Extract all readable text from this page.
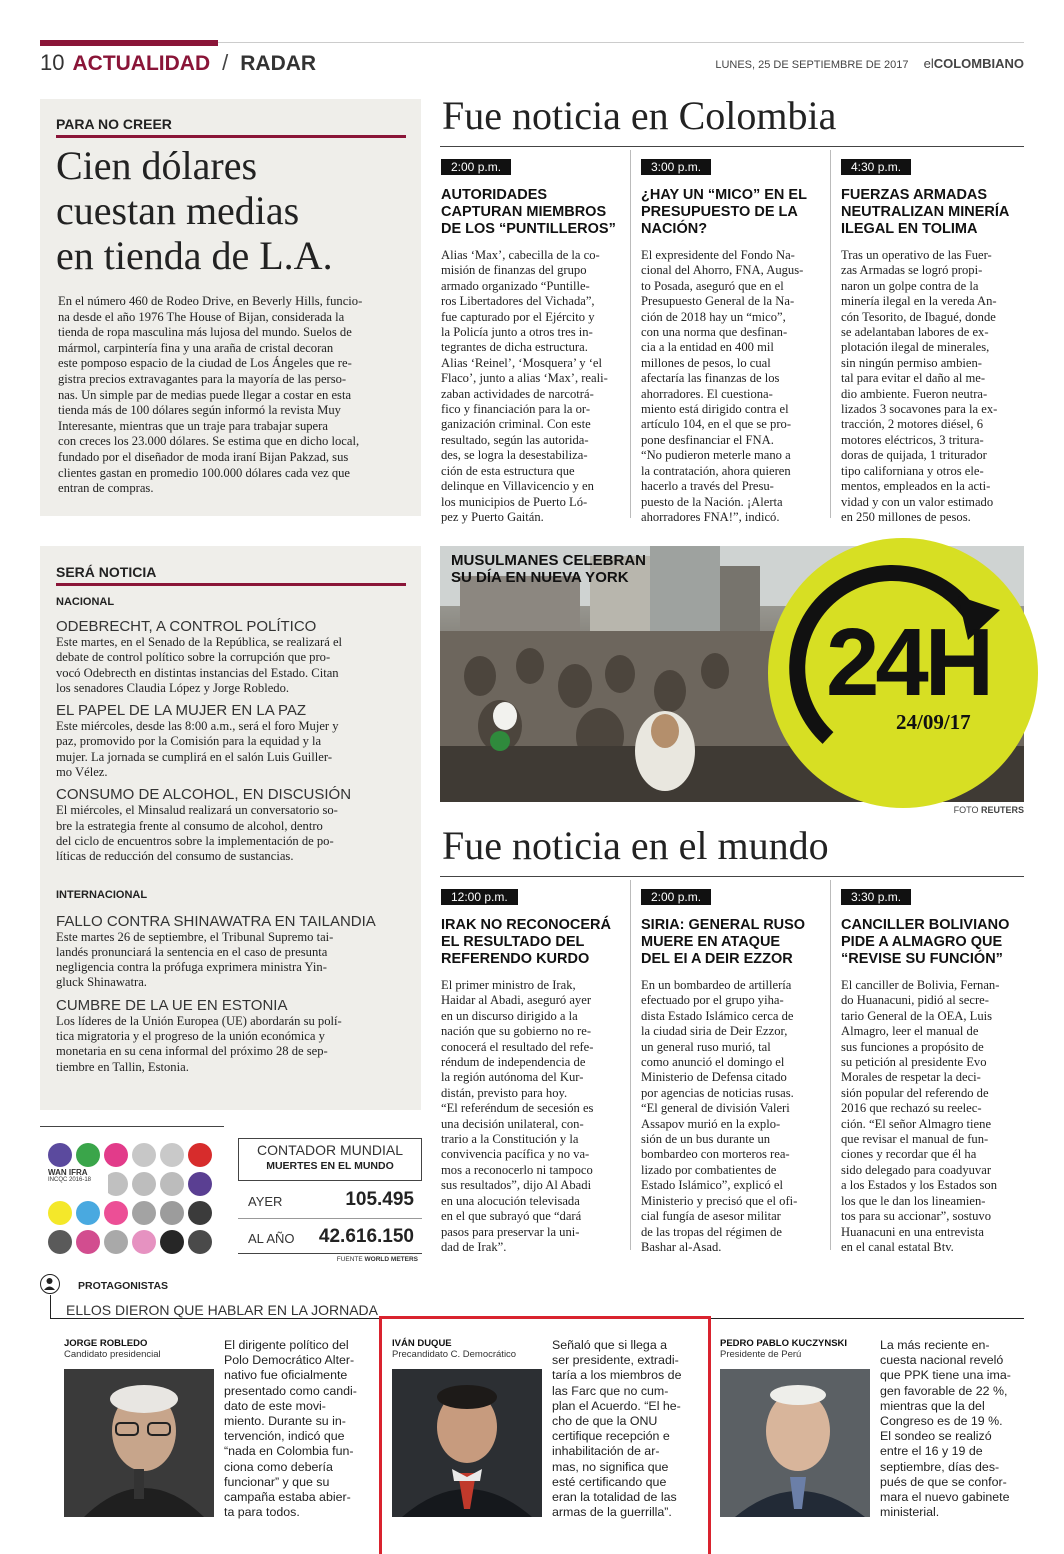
10 ACTUALIDAD / RADAR	LUNES, 25 DE SEPTIEMBRE DE 2017 elCOLOMBIANO
PARA NO CREER
Cien dólares
cuestan medias
en tienda de L.A.
En el número 460 de Rodeo Drive, en Beverly Hills, funcio-
na desde el año 1976 The House of Bijan, considerada la
tienda de ropa masculina más lujosa del mundo. Suelos de
mármol, carpintería fina y una araña de cristal decoran
este pomposo espacio de la ciudad de Los Ángeles que re-
gistra precios extravagantes para la mayoría de las perso-
nas. Un simple par de medias puede llegar a costar en esta
tienda más de 100 dólares según informó la revista Muy
Interesante, mientras que un traje para trabajar supera
con creces los 23.000 dólares. Se estima que en dicho local,
fundado por el diseñador de moda iraní Bijan Pakzad, sus
clientes gastan en promedio 100.000 dólares cada vez que
entran de compras.
Fue noticia en Colombia
2:00 p.m.
AUTORIDADES
CAPTURAN MIEMBROS
DE LOS “PUNTILLEROS”
Alias ‘Max’, cabecilla de la co-
misión de finanzas del grupo
armado organizado “Puntille-
ros Libertadores del Vichada”,
fue capturado por el Ejército y
la Policía junto a otros tres in-
tegrantes de dicha estructura.
Alias ‘Reinel’, ‘Mosquera’ y ‘el
Flaco’, junto a alias ‘Max’, reali-
zaban actividades de narcotrá-
fico y financiación para la or-
ganización criminal. Con este
resultado, según las autorida-
des, se logra la desestabiliza-
ción de esta estructura que
delinque en Villavicencio y en
los municipios de Puerto Ló-
pez y Puerto Gaitán.
3:00 p.m.
¿HAY UN “MICO” EN EL
PRESUPUESTO DE LA
NACIÓN?
El expresidente del Fondo Na-
cional del Ahorro, FNA, Augus-
to Posada, aseguró que en el
Presupuesto General de la Na-
ción de 2018 hay un “mico”,
con una norma que desfinan-
cia a la entidad en 400 mil
millones de pesos, lo cual
afectaría las finanzas de los
ahorradores. El cuestiona-
miento está dirigido contra el
artículo 104, en el que se pro-
pone desfinanciar el FNA.
“No pudieron meterle mano a
la contratación, ahora quieren
hacerlo a través del Presu-
puesto de la Nación. ¡Alerta
ahorradores FNA!”, indicó.
4:30 p.m.
FUERZAS ARMADAS
NEUTRALIZAN MINERÍA
ILEGAL EN TOLIMA
Tras un operativo de las Fuer-
zas Armadas se logró propi-
naron un golpe contra de la
minería ilegal en la vereda An-
cón Tesorito, de Ibagué, donde
se adelantaban labores de ex-
plotación ilegal de minerales,
sin ningún permiso ambien-
tal para evitar el daño al me-
dio ambiente. Fueron neutra-
lizados 3 socavones para la ex-
tracción, 2 motores diésel, 6
motores eléctricos, 3 tritura-
doras de quijada, 1 triturador
tipo californiana y otros ele-
mentos, empleados en la acti-
vidad y con un valor estimado
en 250 millones de pesos.
SERÁ NOTICIA
NACIONAL
ODEBRECHT, A CONTROL POLÍTICO
Este martes, en el Senado de la República, se realizará el
debate de control político sobre la corrupción que pro-
vocó Odebrecth en distintas instancias del Estado. Citan
los senadores Claudia López y Jorge Robledo.
EL PAPEL DE LA MUJER EN LA PAZ
Este miércoles, desde las 8:00 a.m., será el foro Mujer y
paz, promovido por la Comisión para la equidad y la
mujer. La jornada se cumplirá en el salón Luis Guiller-
mo Vélez.
CONSUMO DE ALCOHOL, EN DISCUSIÓN
El miércoles, el Minsalud realizará un conversatorio so-
bre la estrategia frente al consumo de alcohol, dentro
del ciclo de encuentros sobre la implementación de po-
líticas de reducción del consumo de sustancias.
INTERNACIONAL
FALLO CONTRA SHINAWATRA EN TAILANDIA
Este martes 26 de septiembre, el Tribunal Supremo tai-
landés pronunciará la sentencia en el caso de presunta
negligencia contra la prófuga exprimera ministra Yin-
gluck Shinawatra.
CUMBRE DE LA UE EN ESTONIA
Los líderes de la Unión Europea (UE) abordarán su polí-
tica migratoria y el progreso de la unión económica y
monetaria en su cena informal del próximo 28 de sep-
tiembre en Tallin, Estonia.
MUSULMANES CELEBRAN
SU DÍA EN NUEVA YORK
24H
24/09/17
FOTO REUTERS
Fue noticia en el mundo
12:00 p.m.
IRAK NO RECONOCERÁ
EL RESULTADO DEL
REFERENDO KURDO
El primer ministro de Irak,
Haidar al Abadi, aseguró ayer
en un discurso dirigido a la
nación que su gobierno no re-
conocerá el resultado del refe-
réndum de independencia de
la región autónoma del Kur-
distán, previsto para hoy.
“El referéndum de secesión es
una decisión unilateral, con-
trario a la Constitución y la
convivencia pacífica y no va-
mos a reconocerlo ni tampoco
sus resultados”, dijo Al Abadi
en una alocución televisada
en el que subrayó que “dará
pasos para preservar la uni-
dad de Irak”.
2:00 p.m.
SIRIA: GENERAL RUSO
MUERE EN ATAQUE
DEL EI A DEIR EZZOR
En un bombardeo de artillería
efectuado por el grupo yiha-
dista Estado Islámico cerca de
la ciudad siria de Deir Ezzor,
un general ruso murió, tal
como anunció el domingo el
Ministerio de Defensa citado
por agencias de noticias rusas.
“El general de división Valeri
Assapov murió en la explo-
sión de un bus durante un
bombardeo con morteros rea-
lizado por combatientes de
Estado Islámico”, explicó el
Ministerio y precisó que el ofi-
cial fungía de asesor militar
de las tropas del régimen de
Bashar al-Asad.
3:30 p.m.
CANCILLER BOLIVIANO
PIDE A ALMAGRO QUE
“REVISE SU FUNCIÓN”
El canciller de Bolivia, Fernan-
do Huanacuni, pidió al secre-
tario General de la OEA, Luis
Almagro, leer el manual de
sus funciones a propósito de
su petición al presidente Evo
Morales de respetar la deci-
sión popular del referendo de
2016 que rechazó su reelec-
ción. “El señor Almagro tiene
que revisar el manual de fun-
ciones y recordar que él ha
sido delegado para coadyuvar
a los Estados y los Estados son
los que le dan los lineamien-
tos para su accionar”, sostuvo
Huanacuni en una entrevista
en el canal estatal Btv.
WAN IFRA
INCQC 2016-18
CONTADOR MUNDIAL
MUERTES EN EL MUNDO
AYER	105.495
AL AÑO 42.616.150
FUENTE WORLD METERS
PROTAGONISTAS
ELLOS DIERON QUE HABLAR EN LA JORNADA
JORGE ROBLEDO
Candidato presidencial
El dirigente político del
Polo Democrático Alter-
nativo fue oficialmente
presentado como candi-
dato de este movi-
miento. Durante su in-
tervención, indicó que
“nada en Colombia fun-
ciona como debería
funcionar” y que su
campaña estaba abier-
ta para todos.
IVÁN DUQUE
Precandidato C. Democrático
Señaló que si llega a
ser presidente, extradi-
taría a los miembros de
las Farc que no cum-
plan el Acuerdo. “El he-
cho de que la ONU
certifique recepción e
inhabilitación de ar-
mas, no significa que
esté certificando que
eran la totalidad de las
armas de la guerrilla”.
PEDRO PABLO KUCZYNSKI
Presidente de Perú
La más reciente en-
cuesta nacional reveló
que PPK tiene una ima-
gen favorable de 22 %,
mientras que la del
Congreso es de 19 %.
El sondeo se realizó
entre el 16 y 19 de
septiembre, días des-
pués de que se confor-
mara el nuevo gabinete
ministerial.
